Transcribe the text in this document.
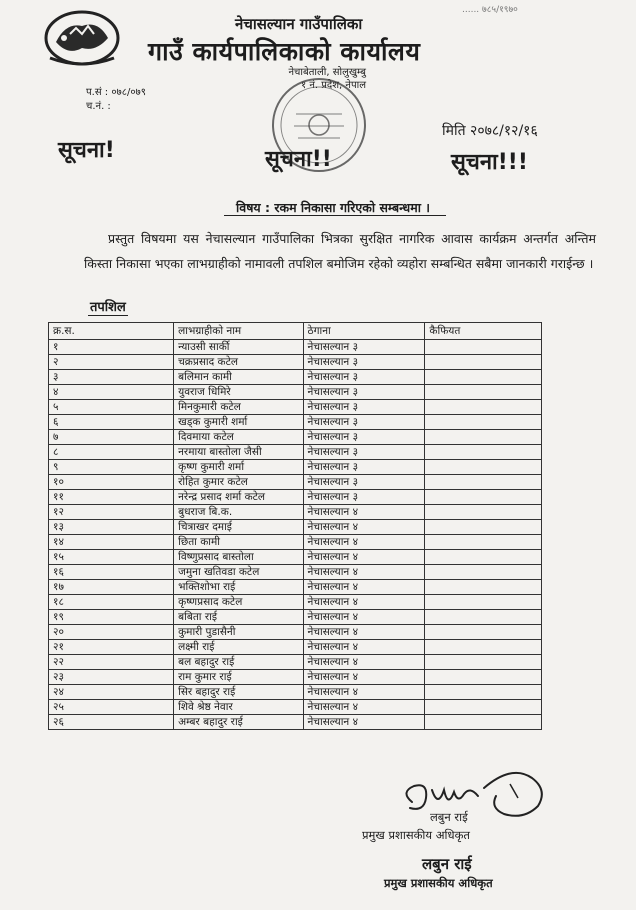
...... ७८५/१९७०
नेचासल्यान गाउँपालिका
गाउँ कार्यपालिकाको कार्यालय
नेचाबेताली, सोलुखुम्बु
१ नं. प्रदेश, नेपाल
प.सं : ०७८/०७९
च.नं. :
मिति २०७८/१२/१६
सूचना!	सूचना!!	सूचना!!!
विषय : रकम निकासा गरिएको सम्बन्धमा ।
प्रस्तुत विषयमा यस नेचासल्यान गाउँपालिका भित्रका सुरक्षित नागरिक आवास कार्यक्रम अन्तर्गत अन्तिम किस्ता निकासा भएका लाभग्राहीको नामावली तपशिल बमोजिम रहेको व्यहोरा सम्बन्धित सबैमा जानकारी गराईन्छ ।
तपशिल
क्र.स.	लाभग्राहीको नाम	ठेगाना	कैफियत
१	न्याउसी सार्की	नेचासल्यान ३	
२	चक्रप्रसाद कटेल	नेचासल्यान ३	
३	बलिमान कामी	नेचासल्यान ३	
४	युवराज धिमिरे	नेचासल्यान ३	
५	मिनकुमारी कटेल	नेचासल्यान ३	
६	खड्क कुमारी शर्मा	नेचासल्यान ३	
७	दिवमाया कटेल	नेचासल्यान ३	
८	नरमाया बास्तोला जैसी	नेचासल्यान ३	
९	कृष्ण कुमारी शर्मा	नेचासल्यान ३	
१०	रोहित कुमार कटेल	नेचासल्यान ३	
११	नरेन्द्र प्रसाद शर्मा कटेल	नेचासल्यान ३	
१२	बुधराज बि.क.	नेचासल्यान ४	
१३	चित्राखर दमाई	नेचासल्यान ४	
१४	छिता कामी	नेचासल्यान ४	
१५	विष्णुप्रसाद बास्तोला	नेचासल्यान ४	
१६	जमुना खतिवडा कटेल	नेचासल्यान ४	
१७	भक्तिशोभा राई	नेचासल्यान ४	
१८	कृष्णप्रसाद कटेल	नेचासल्यान ४	
१९	बबिता राई	नेचासल्यान ४	
२०	कुमारी पुडासैनी	नेचासल्यान ४	
२१	लक्ष्मी राई	नेचासल्यान ४	
२२	बल बहादुर राई	नेचासल्यान ४	
२३	राम कुमार राई	नेचासल्यान ४	
२४	सिर बहादुर राई	नेचासल्यान ४	
२५	शिवे श्रेष्ठ नेवार	नेचासल्यान ४	
२६	अम्बर बहादुर राई	नेचासल्यान ४	
लबुन राई
प्रमुख प्रशासकीय अधिकृत
लबुन राई
प्रमुख प्रशासकीय अधिकृत
